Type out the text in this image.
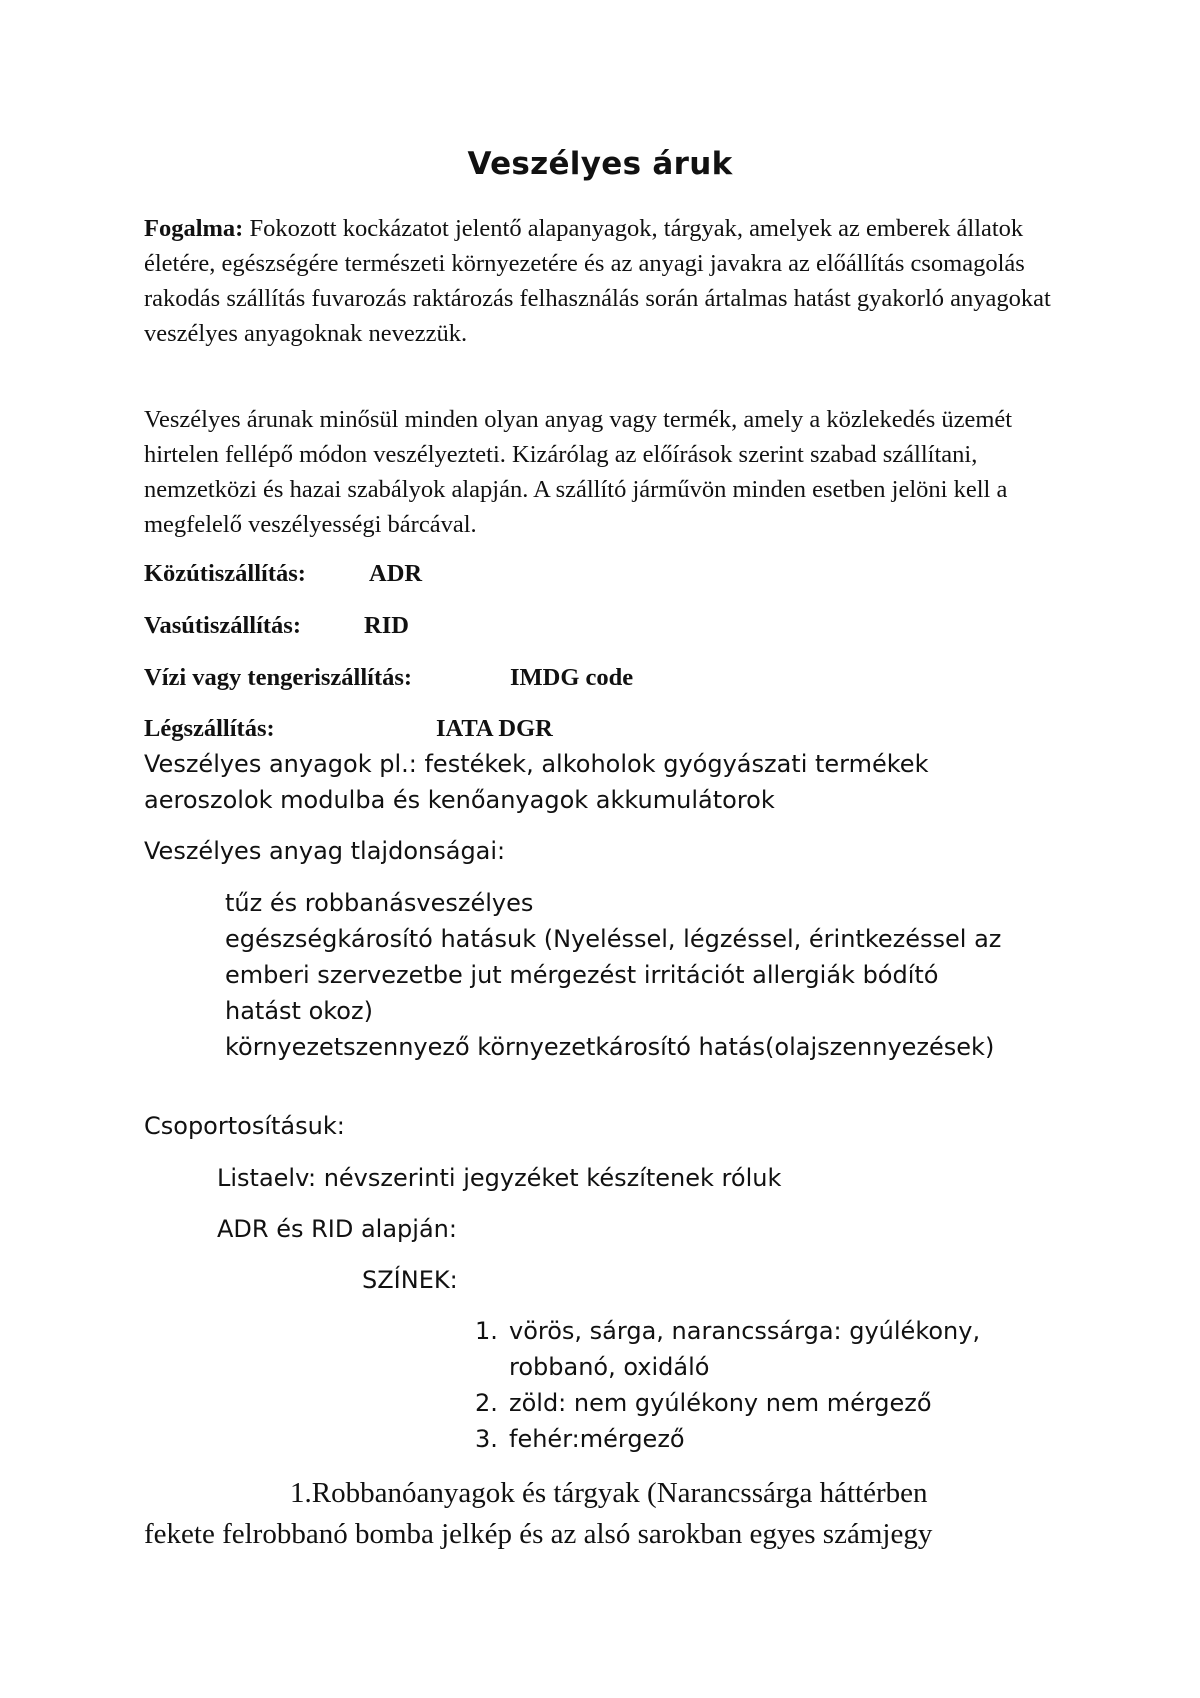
Veszélyes áruk

Fogalma: Fokozott kockázatot jelentő alapanyagok, tárgyak, amelyek az emberek állatok életére, egészségére természeti környezetére és az anyagi javakra az előállítás csomagolás rakodás szállítás fuvarozás raktározás felhasználás során ártalmas hatást gyakorló anyagokat veszélyes anyagoknak nevezzük.

Veszélyes árunak minősül minden olyan anyag vagy termék, amely a közlekedés üzemét hirtelen fellépő módon veszélyezteti. Kizárólag az előírások szerint szabad szállítani, nemzetközi és hazai szabályok alapján. A szállító járművön minden esetben jelöni kell a megfelelő veszélyességi bárcával.

Közútiszállítás:	ADR
Vasútiszállítás:	RID
Vízi vagy tengeriszállítás:	IMDG code
Légszállítás:	IATA DGR
Veszélyes anyagok pl.: festékek, alkoholok gyógyászati termékek
aeroszolok modulba és kenőanyagok akkumulátorok
Veszélyes anyag tlajdonságai:
tűz és robbanásveszélyes
egészségkárosító hatásuk (Nyeléssel, légzéssel, érintkezéssel az
emberi szervezetbe jut mérgezést irritációt allergiák bódító
hatást okoz)
környezetszennyező környezetkárosító hatás(olajszennyezések)
Csoportosításuk:
Listaelv: névszerinti jegyzéket készítenek róluk
ADR és RID alapján:
SZÍNEK:
1. vörös, sárga, narancssárga: gyúlékony,
robbanó, oxidáló
2. zöld: nem gyúlékony nem mérgező
3. fehér:mérgező
1.Robbanóanyagok és tárgyak (Narancssárga háttérben
fekete felrobbanó bomba jelkép és az alsó sarokban egyes számjegy
